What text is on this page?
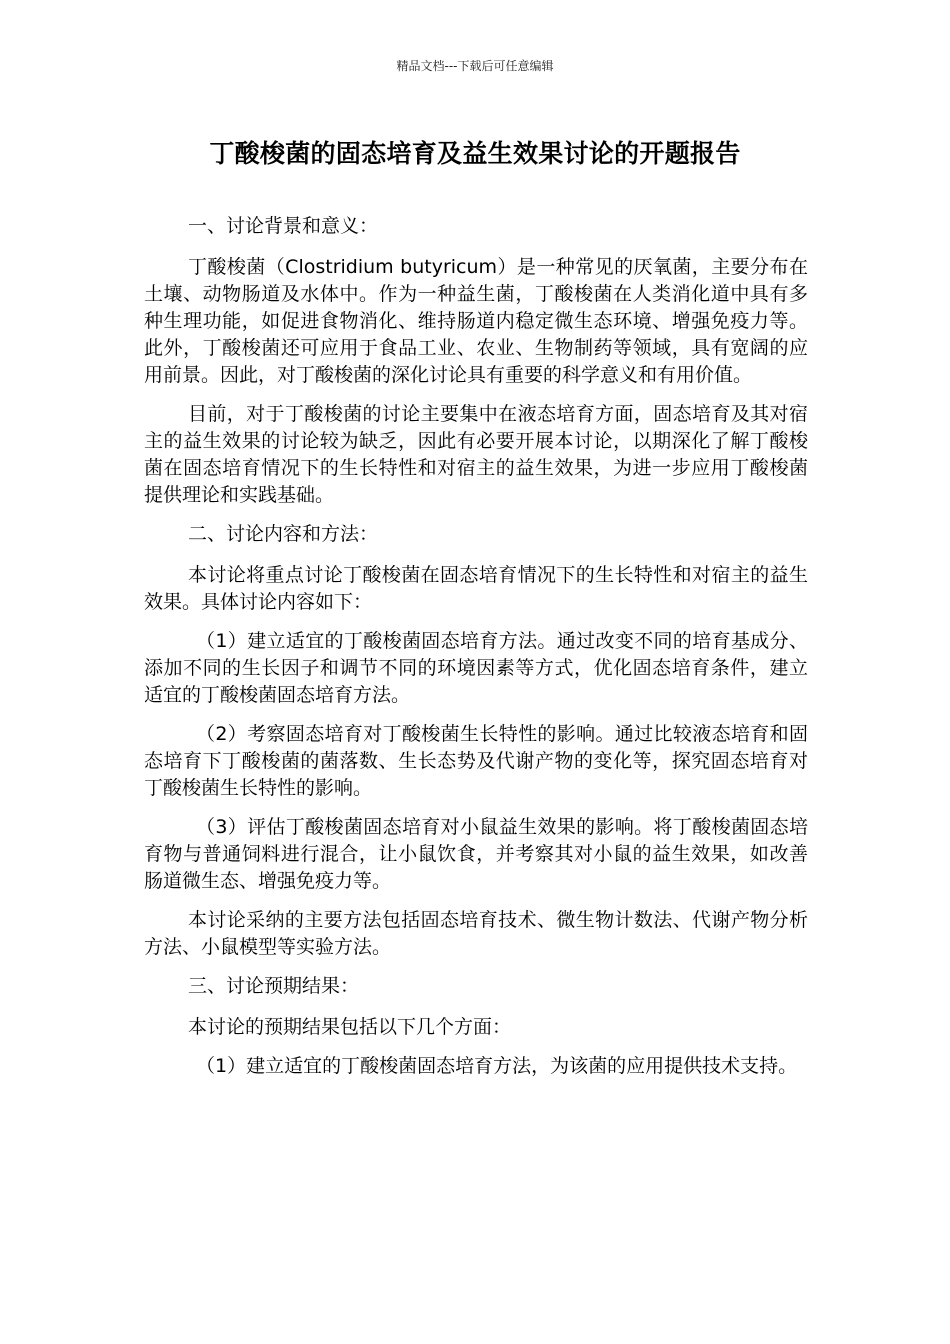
精品文档---下载后可任意编辑
丁酸梭菌的固态培育及益生效果讨论的开题报告

一、讨论背景和意义：

丁酸梭菌（Clostridium butyricum）是一种常见的厌氧菌，主要分布在土壤、动物肠道及水体中。作为一种益生菌，丁酸梭菌在人类消化道中具有多种生理功能，如促进食物消化、维持肠道内稳定微生态环境、增强免疫力等。此外，丁酸梭菌还可应用于食品工业、农业、生物制药等领域，具有宽阔的应用前景。因此，对丁酸梭菌的深化讨论具有重要的科学意义和有用价值。

目前，对于丁酸梭菌的讨论主要集中在液态培育方面，固态培育及其对宿主的益生效果的讨论较为缺乏，因此有必要开展本讨论，以期深化了解丁酸梭菌在固态培育情况下的生长特性和对宿主的益生效果，为进一步应用丁酸梭菌提供理论和实践基础。

二、讨论内容和方法：

本讨论将重点讨论丁酸梭菌在固态培育情况下的生长特性和对宿主的益生效果。具体讨论内容如下：

（1）建立适宜的丁酸梭菌固态培育方法。通过改变不同的培育基成分、添加不同的生长因子和调节不同的环境因素等方式，优化固态培育条件，建立适宜的丁酸梭菌固态培育方法。

（2）考察固态培育对丁酸梭菌生长特性的影响。通过比较液态培育和固态培育下丁酸梭菌的菌落数、生长态势及代谢产物的变化等，探究固态培育对丁酸梭菌生长特性的影响。

（3）评估丁酸梭菌固态培育对小鼠益生效果的影响。将丁酸梭菌固态培育物与普通饲料进行混合，让小鼠饮食，并考察其对小鼠的益生效果，如改善肠道微生态、增强免疫力等。

本讨论采纳的主要方法包括固态培育技术、微生物计数法、代谢产物分析方法、小鼠模型等实验方法。

三、讨论预期结果：

本讨论的预期结果包括以下几个方面：

（1）建立适宜的丁酸梭菌固态培育方法，为该菌的应用提供技术支持。
